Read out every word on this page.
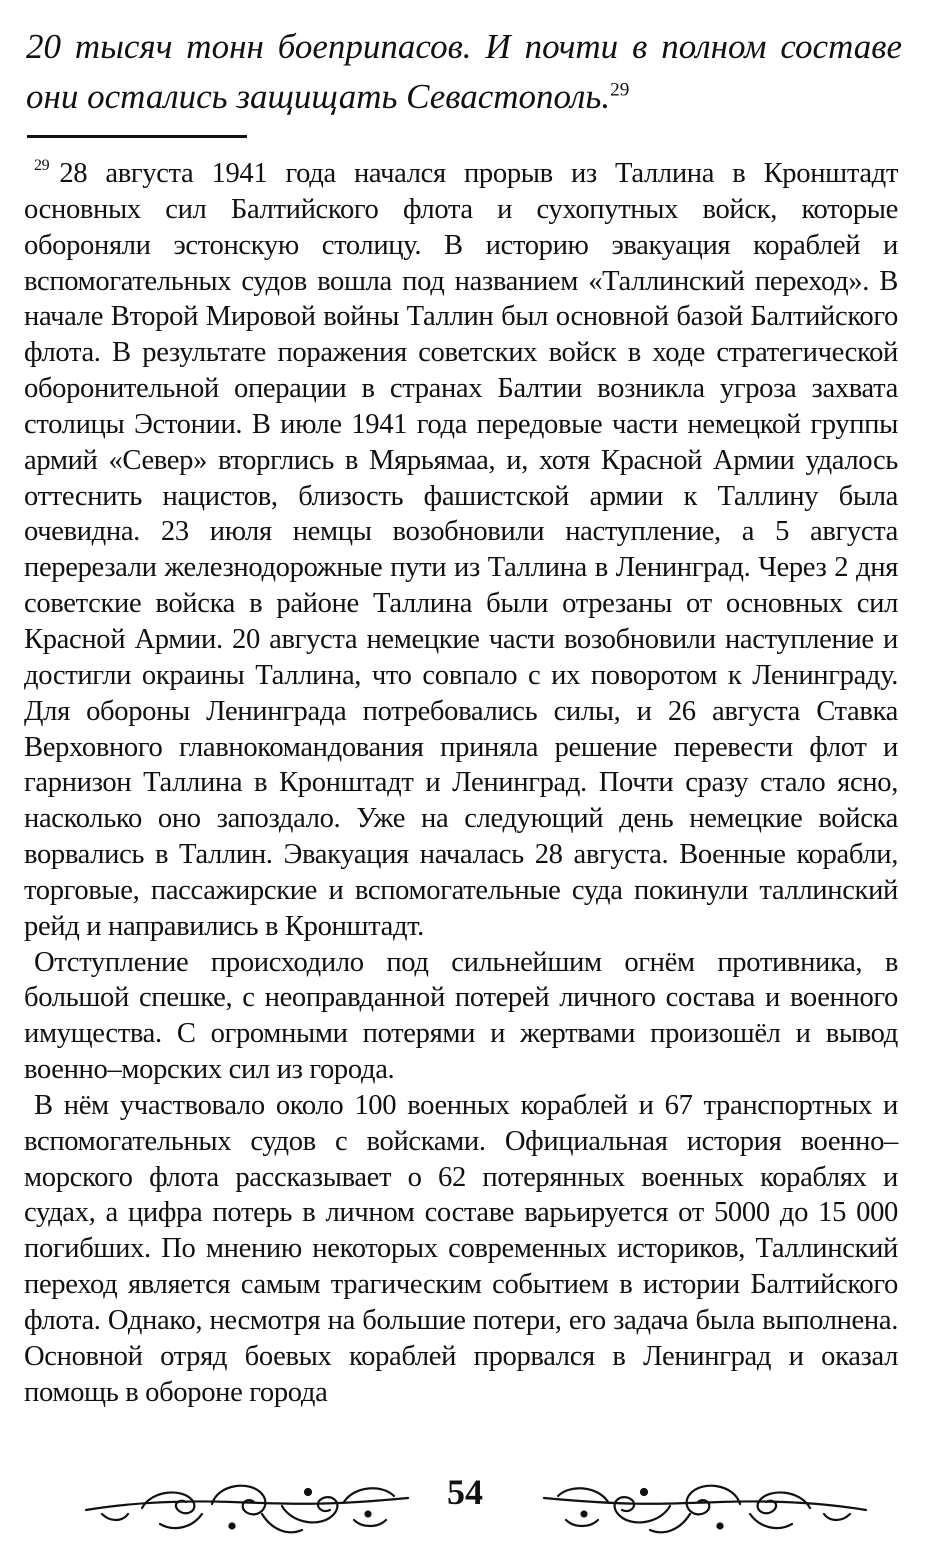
20 тысяч тонн боеприпасов. И почти в полном составе
они остались защищать Севастополь.$^{29}$

$^{29}$ 28 августа 1941 года начался прорыв из Таллина в Кронштадт основных сил Балтийского флота и сухопутных войск, которые обороняли эстонскую столицу. В историю эвакуация кораблей и вспомогательных судов вошла под названием «Таллинский переход». В начале Второй Мировой войны Таллин был основной базой Балтийского флота. В результате поражения советских войск в ходе стратегической оборонительной операции в странах Балтии возникла угроза захвата столицы Эстонии. В июле 1941 года передовые части немецкой группы армий «Север» вторглись в Мярьямаа, и, хотя Красной Армии удалось оттеснить нацистов, близость фашистской армии к Таллину была очевидна. 23 июля немцы возобновили наступление, а 5 августа перерезали железнодорожные пути из Таллина в Ленинград. Через 2 дня советские войска в районе Таллина были отрезаны от основных сил Красной Армии. 20 августа немецкие части возобновили наступление и достигли окраины Таллина, что совпало с их поворотом к Ленинграду. Для обороны Ленинграда потребовались силы, и 26 августа Ставка Верховного главнокомандования приняла решение перевести флот и гарнизон Таллина в Кронштадт и Ленинград. Почти сразу стало ясно, насколько оно запоздало. Уже на следующий день немецкие войска ворвались в Таллин. Эвакуация началась 28 августа. Военные корабли, торговые, пассажирские и вспомогательные суда покинули таллинский рейд и направились в Кронштадт.

Отступление происходило под сильнейшим огнём противника, в большой спешке, с неоправданной потерей личного состава и военного имущества. С огромными потерями и жертвами произошёл и вывод военно–морских сил из города.

В нём участвовало около 100 военных кораблей и 67 транспортных и вспомогательных судов с войсками. Официальная история военно–морского флота рассказывает о 62 потерянных военных кораблях и судах, а цифра потерь в личном составе варьируется от 5000 до 15 000 погибших. По мнению некоторых современных историков, Таллинский переход является самым трагическим событием в истории Балтийского флота. Однако, несмотря на большие потери, его задача была выполнена. Основной отряд боевых кораблей прорвался в Ленинград и оказал помощь в обороне города

54
